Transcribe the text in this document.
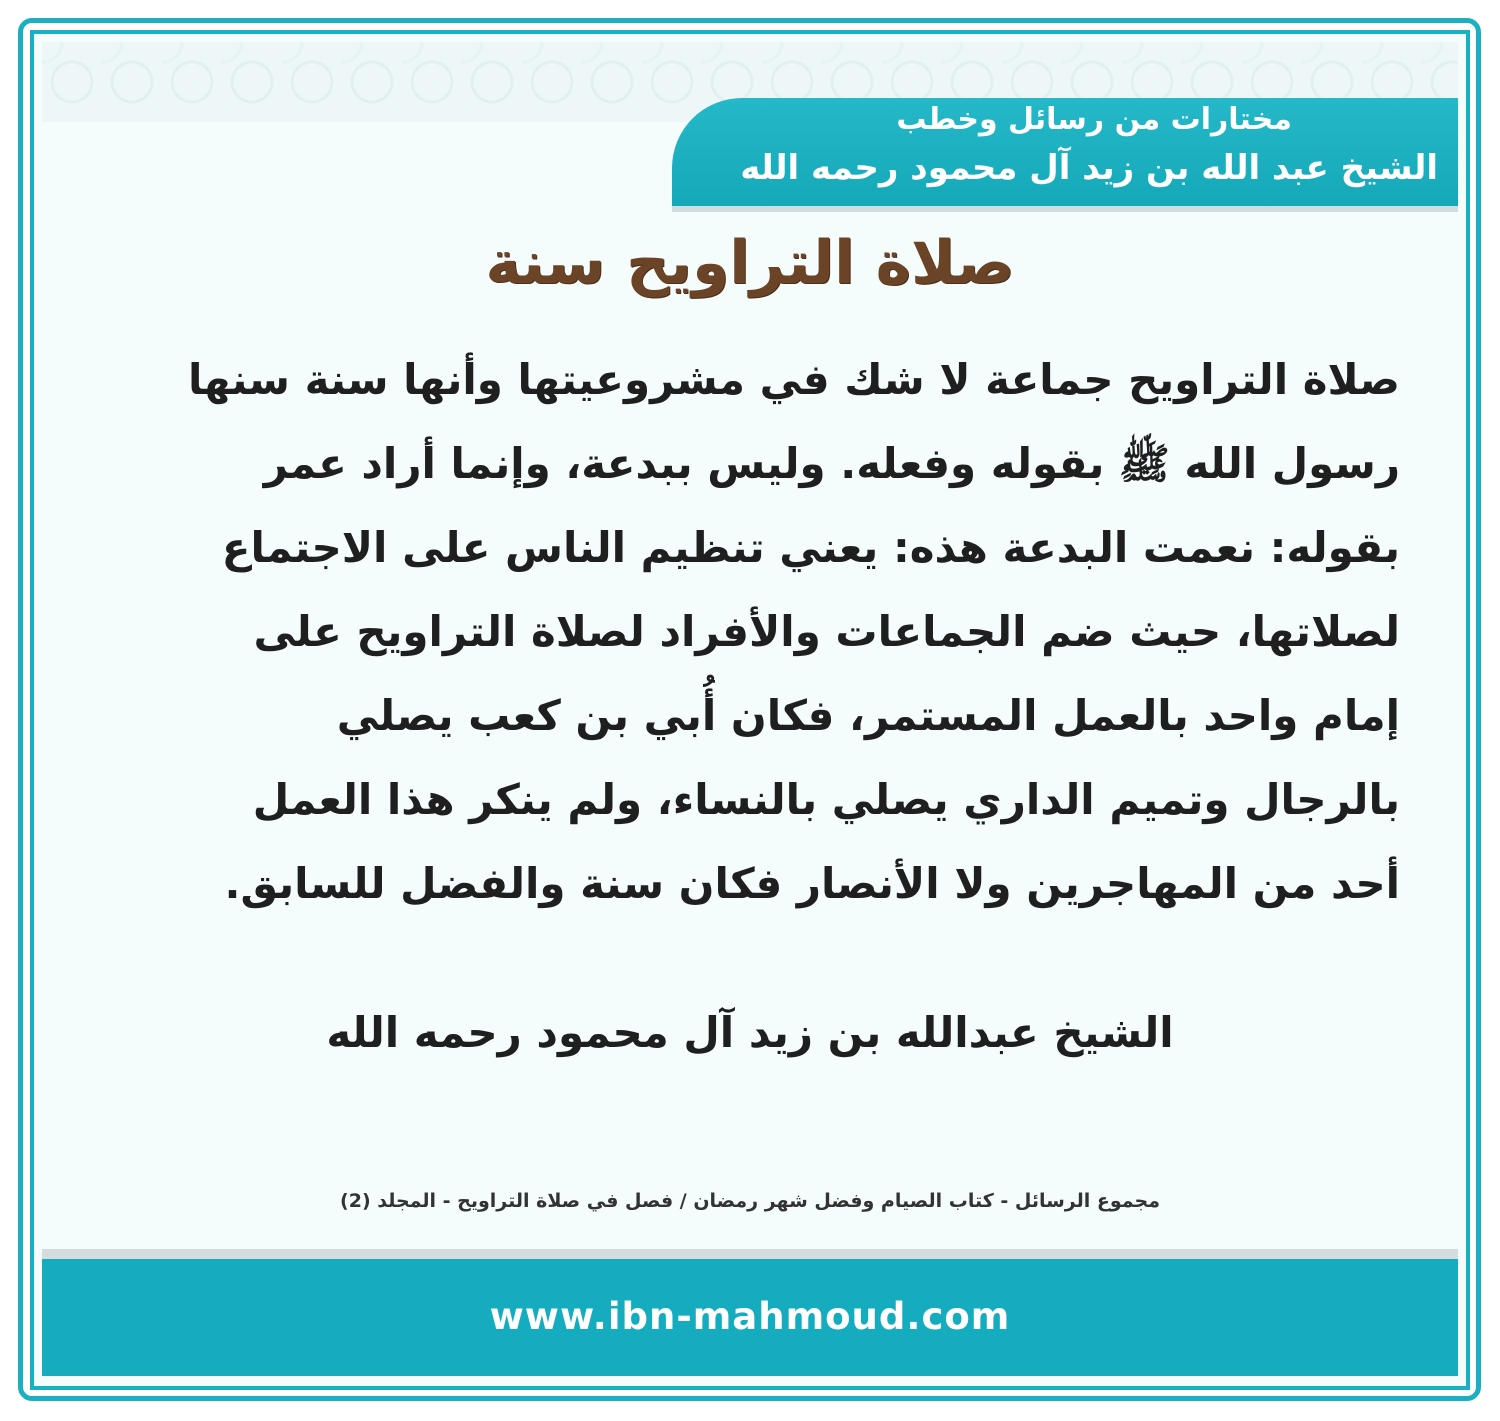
مختارات من رسائل وخطب
الشيخ عبد الله بن زيد آل محمود رحمه الله
صلاة التراويح سنة
صلاة التراويح جماعة لا شك في مشروعيتها وأنها سنة سنها
رسول الله ﷺ بقوله وفعله. وليس ببدعة، وإنما أراد عمر
بقوله: نعمت البدعة هذه: يعني تنظيم الناس على الاجتماع
لصلاتها، حيث ضم الجماعات والأفراد لصلاة التراويح على
إمام واحد بالعمل المستمر، فكان أُبي بن كعب يصلي
بالرجال وتميم الداري يصلي بالنساء، ولم ينكر هذا العمل
أحد من المهاجرين ولا الأنصار فكان سنة والفضل للسابق.
الشيخ عبدالله بن زيد آل محمود رحمه الله
مجموع الرسائل - كتاب الصيام وفضل شهر رمضان / فصل في صلاة التراويح - المجلد (2)
www.ibn-mahmoud.com
